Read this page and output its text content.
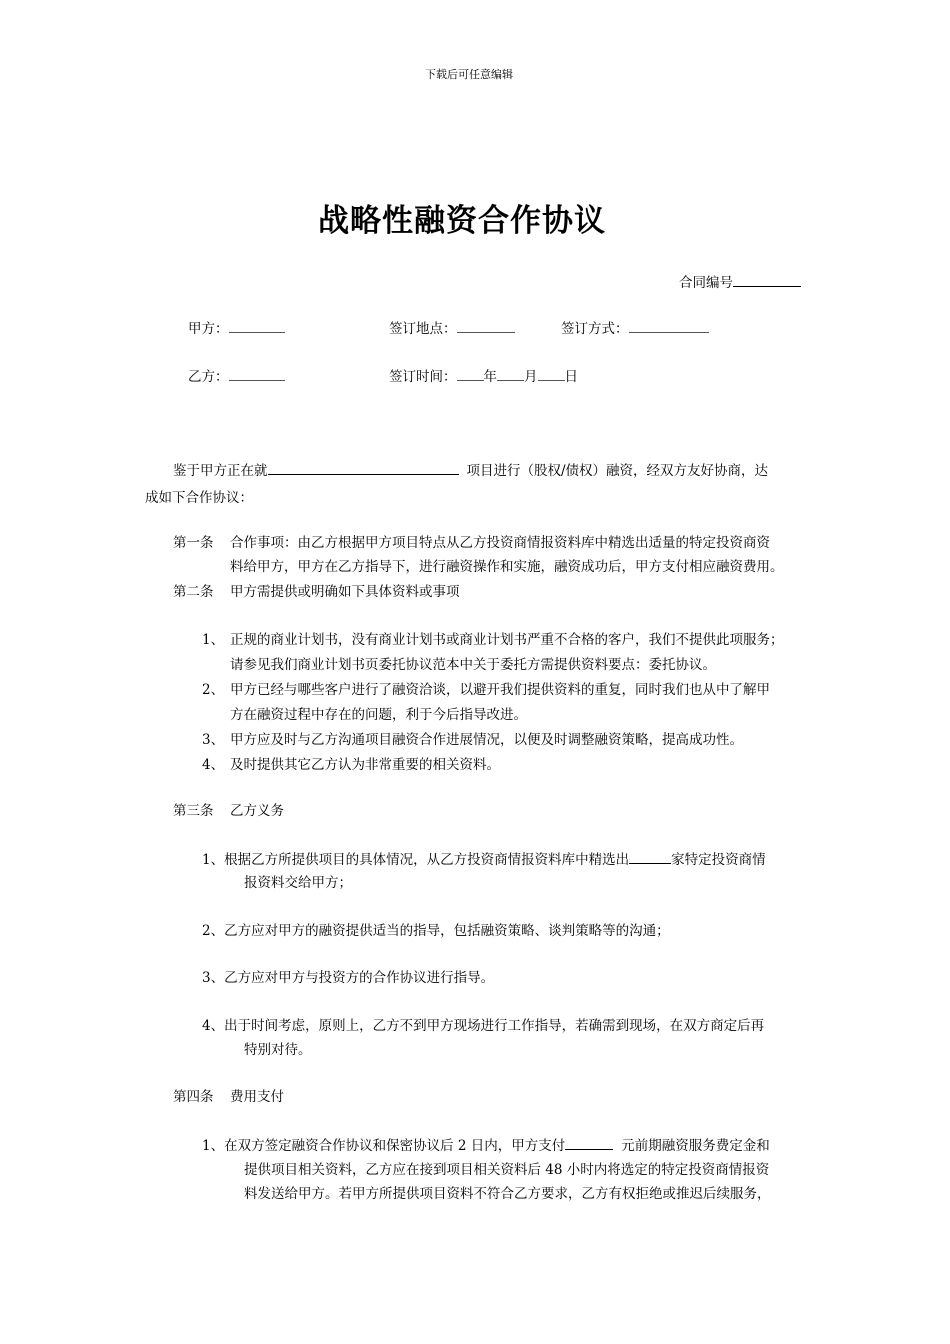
下载后可任意编辑
战略性融资合作协议
合同编号
甲方：	签订地点：	签订方式：
乙方：	签订时间： 年 月 日
鉴于甲方正在就	项目进行（股权/债权）融资，经双方友好协商，达
成如下合作协议：
第一条 合作事项：由乙方根据甲方项目特点从乙方投资商情报资料库中精选出适量的特定投资商资
料给甲方，甲方在乙方指导下，进行融资操作和实施，融资成功后，甲方支付相应融资费用。
第二条 甲方需提供或明确如下具体资料或事项
1、 正规的商业计划书，没有商业计划书或商业计划书严重不合格的客户，我们不提供此项服务；
请参见我们商业计划书页委托协议范本中关于委托方需提供资料要点：委托协议。
2、 甲方已经与哪些客户进行了融资洽谈，以避开我们提供资料的重复，同时我们也从中了解甲
方在融资过程中存在的问题，利于今后指导改进。
3、 甲方应及时与乙方沟通项目融资合作进展情况，以便及时调整融资策略，提高成功性。
4、 及时提供其它乙方认为非常重要的相关资料。
第三条 乙方义务
1、根据乙方所提供项目的具体情况，从乙方投资商情报资料库中精选出	家特定投资商情
报资料交给甲方；
2、乙方应对甲方的融资提供适当的指导，包括融资策略、谈判策略等的沟通；
3、乙方应对甲方与投资方的合作协议进行指导。
4、出于时间考虑，原则上，乙方不到甲方现场进行工作指导，若确需到现场，在双方商定后再
特别对待。
第四条 费用支付
1、在双方签定融资合作协议和保密协议后 2 日内，甲方支付	元前期融资服务费定金和
提供项目相关资料，乙方应在接到项目相关资料后 48 小时内将选定的特定投资商情报资
料发送给甲方。若甲方所提供项目资料不符合乙方要求，乙方有权拒绝或推迟后续服务，
